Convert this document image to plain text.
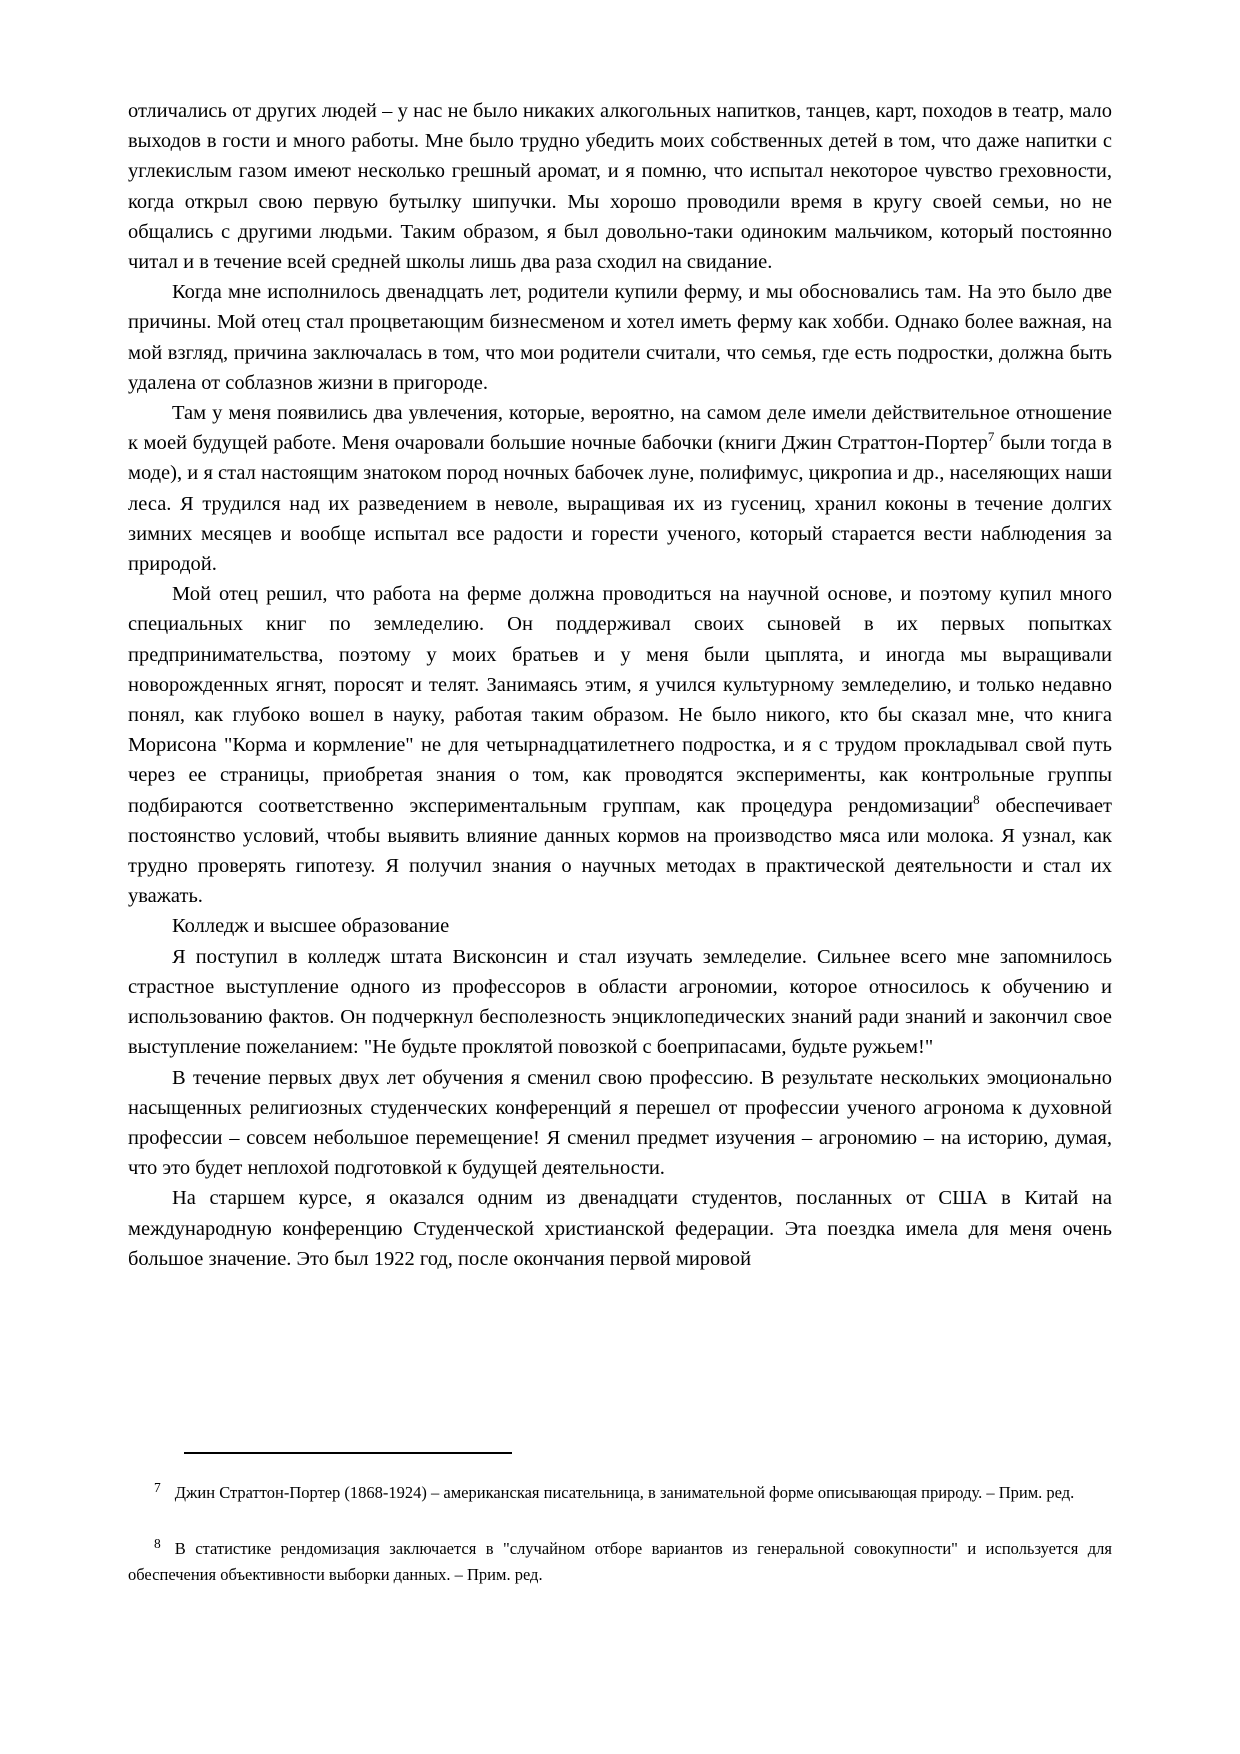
отличались от других людей – у нас не было никаких алкогольных напитков, танцев, карт, походов в театр, мало выходов в гости и много работы. Мне было трудно убедить моих собственных детей в том, что даже напитки с углекислым газом имеют несколько грешный аромат, и я помню, что испытал некоторое чувство греховности, когда открыл свою первую бутылку шипучки. Мы хорошо проводили время в кругу своей семьи, но не общались с другими людьми. Таким образом, я был довольно-таки одиноким мальчиком, который постоянно читал и в течение всей средней школы лишь два раза сходил на свидание.

Когда мне исполнилось двенадцать лет, родители купили ферму, и мы обосновались там. На это было две причины. Мой отец стал процветающим бизнесменом и хотел иметь ферму как хобби. Однако более важная, на мой взгляд, причина заключалась в том, что мои родители считали, что семья, где есть подростки, должна быть удалена от соблазнов жизни в пригороде.

Там у меня появились два увлечения, которые, вероятно, на самом деле имели действительное отношение к моей будущей работе. Меня очаровали большие ночные бабочки (книги Джин Страттон-Портер$^7$ были тогда в моде), и я стал настоящим знатоком пород ночных бабочек луне, полифимус, цикропиа и др., населяющих наши леса. Я трудился над их разведением в неволе, выращивая их из гусениц, хранил коконы в течение долгих зимних месяцев и вообще испытал все радости и горести ученого, который старается вести наблюдения за природой.

Мой отец решил, что работа на ферме должна проводиться на научной основе, и поэтому купил много специальных книг по земледелию. Он поддерживал своих сыновей в их первых попытках предпринимательства, поэтому у моих братьев и у меня были цыплята, и иногда мы выращивали новорожденных ягнят, поросят и телят. Занимаясь этим, я учился культурному земледелию, и только недавно понял, как глубоко вошел в науку, работая таким образом. Не было никого, кто бы сказал мне, что книга Морисона "Корма и кормление" не для четырнадцатилетнего подростка, и я с трудом прокладывал свой путь через ее страницы, приобретая знания о том, как проводятся эксперименты, как контрольные группы подбираются соответственно экспериментальным группам, как процедура рендомизации$^8$ обеспечивает постоянство условий, чтобы выявить влияние данных кормов на производство мяса или молока. Я узнал, как трудно проверять гипотезу. Я получил знания о научных методах в практической деятельности и стал их уважать.

Колледж и высшее образование

Я поступил в колледж штата Висконсин и стал изучать земледелие. Сильнее всего мне запомнилось страстное выступление одного из профессоров в области агрономии, которое относилось к обучению и использованию фактов. Он подчеркнул бесполезность энциклопедических знаний ради знаний и закончил свое выступление пожеланием: "Не будьте проклятой повозкой с боеприпасами, будьте ружьем!"

В течение первых двух лет обучения я сменил свою профессию. В результате нескольких эмоционально насыщенных религиозных студенческих конференций я перешел от профессии ученого агронома к духовной профессии – совсем небольшое перемещение! Я сменил предмет изучения – агрономию – на историю, думая, что это будет неплохой подготовкой к будущей деятельности.

На старшем курсе, я оказался одним из двенадцати студентов, посланных от США в Китай на международную конференцию Студенческой христианской федерации. Эта поездка имела для меня очень большое значение. Это был 1922 год, после окончания первой мировой

$^7$ Джин Страттон-Портер (1868-1924) – американская писательница, в занимательной форме описывающая природу. – Прим. ред.
$^8$ В статистике рендомизация заключается в "случайном отборе вариантов из генеральной совокупности" и используется для обеспечения объективности выборки данных. – Прим. ред.
